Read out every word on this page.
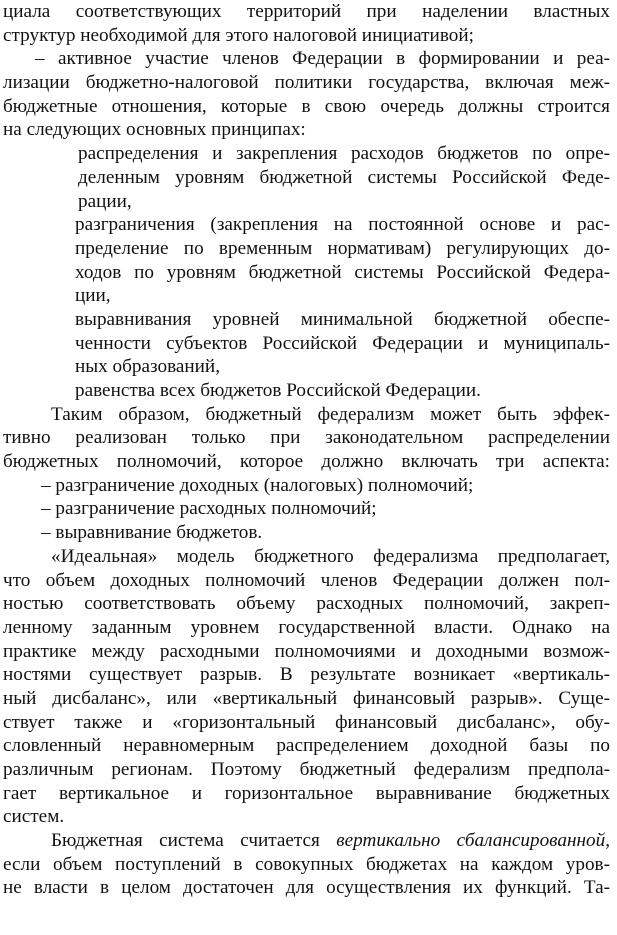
циала соответствующих территорий при наделении властных
структур необходимой для этого налоговой инициативой;
– активное участие членов Федерации в формировании и реа-
лизации бюджетно-налоговой политики государства, включая меж-
бюджетные отношения, которые в свою очередь должны строится
на следующих основных принципах:
распределения и закрепления расходов бюджетов по опре-
деленным уровням бюджетной системы Российской Феде-
рации,
разграничения (закрепления на постоянной основе и рас-
пределение по временным нормативам) регулирующих до-
ходов по уровням бюджетной системы Российской Федера-
ции,
выравнивания уровней минимальной бюджетной обеспе-
ченности субъектов Российской Федерации и муниципаль-
ных образований,
равенства всех бюджетов Российской Федерации.
Таким образом, бюджетный федерализм может быть эффек-
тивно реализован только при законодательном распределении
бюджетных полномочий, которое должно включать три аспекта:
– разграничение доходных (налоговых) полномочий;
– разграничение расходных полномочий;
– выравнивание бюджетов.
«Идеальная» модель бюджетного федерализма предполагает,
что объем доходных полномочий членов Федерации должен пол-
ностью соответствовать объему расходных полномочий, закреп-
ленному заданным уровнем государственной власти. Однако на
практике между расходными полномочиями и доходными возмож-
ностями существует разрыв. В результате возникает «вертикаль-
ный дисбаланс», или «вертикальный финансовый разрыв». Суще-
ствует также и «горизонтальный финансовый дисбаланс», обу-
словленный неравномерным распределением доходной базы по
различным регионам. Поэтому бюджетный федерализм предпола-
гает вертикальное и горизонтальное выравнивание бюджетных
систем.
Бюджетная система считается вертикально сбалансированной,
если объем поступлений в совокупных бюджетах на каждом уров-
не власти в целом достаточен для осуществления их функций. Та-
